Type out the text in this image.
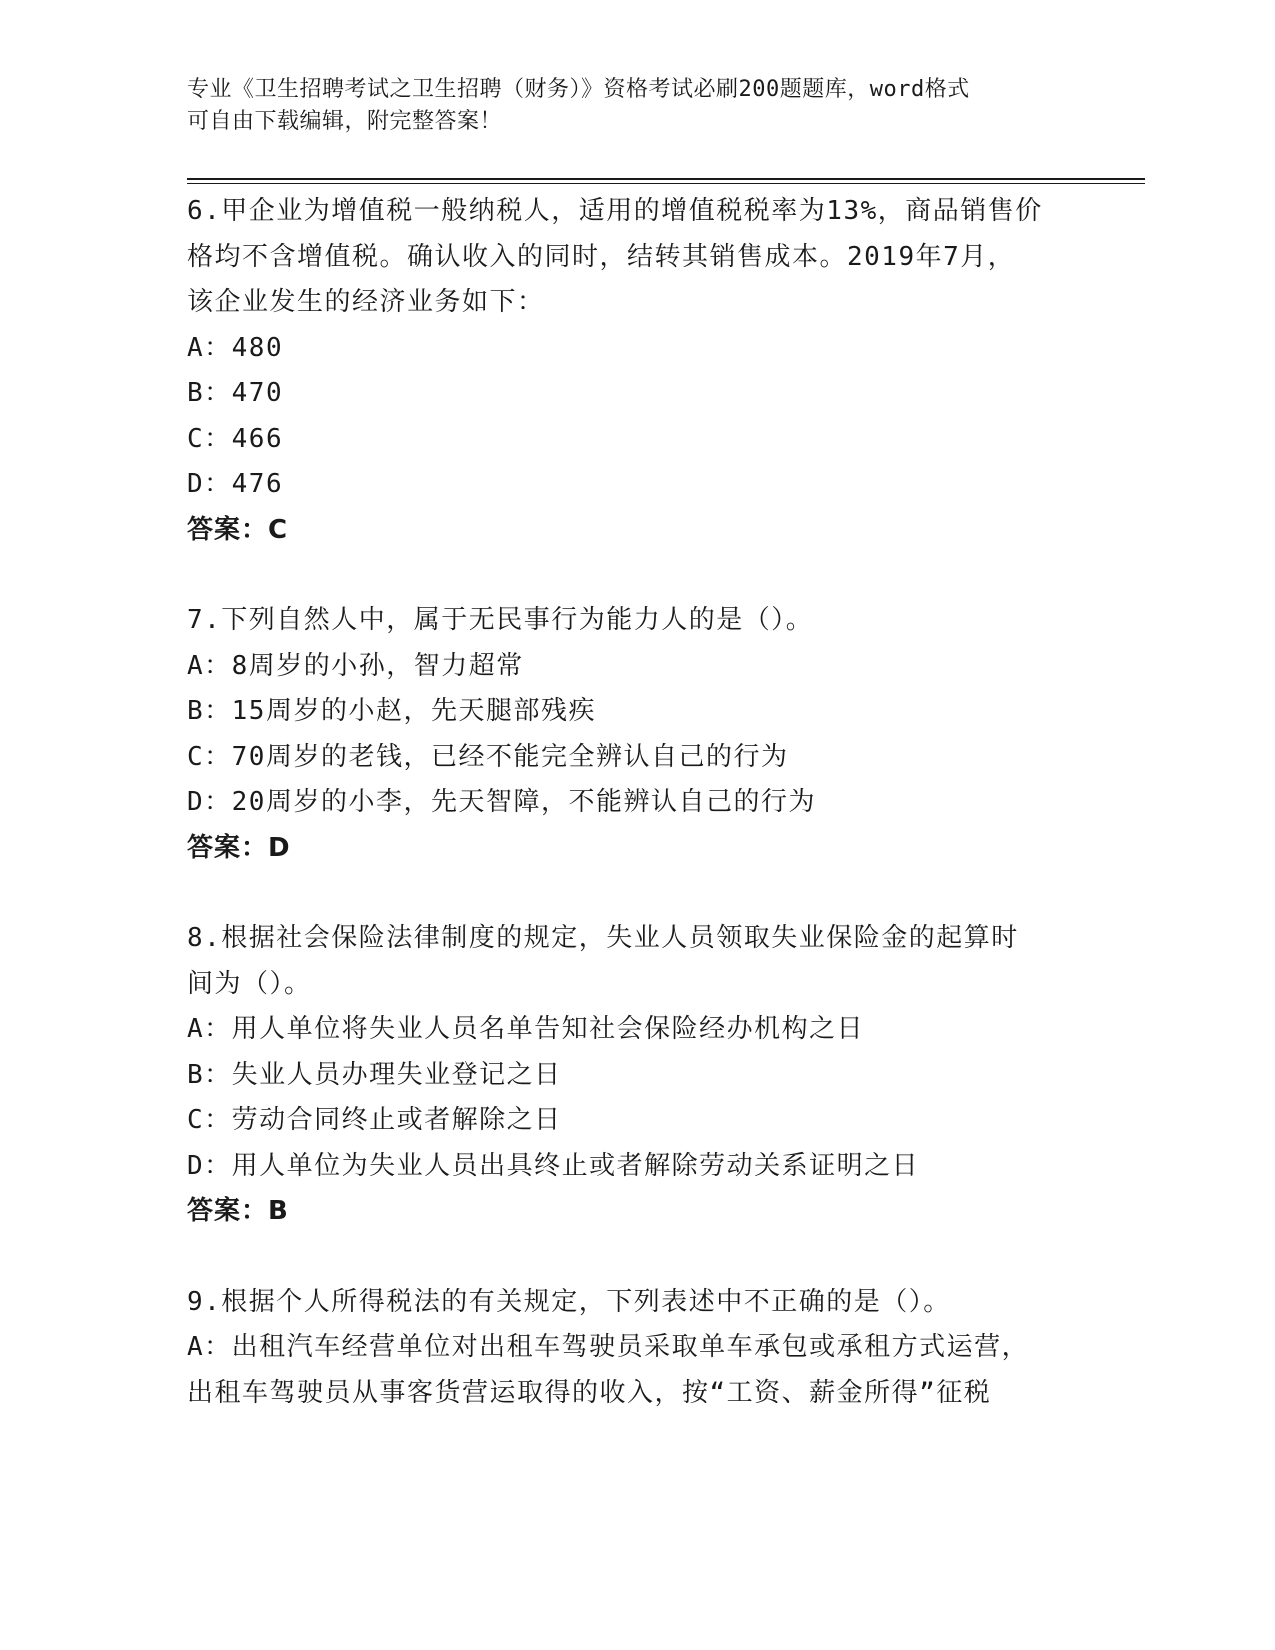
专业《卫生招聘考试之卫生招聘（财务）》资格考试必刷200题题库，word格式
可自由下载编辑，附完整答案！
6.甲企业为增值税一般纳税人，适用的增值税税率为13%，商品销售价
格均不含增值税。确认收入的同时，结转其销售成本。2019年7月，
该企业发生的经济业务如下：
A：480
B：470
C：466
D：476
答案：C
7.下列自然人中，属于无民事行为能力人的是（）。
A：8周岁的小孙，智力超常
B：15周岁的小赵，先天腿部残疾
C：70周岁的老钱，已经不能完全辨认自己的行为
D：20周岁的小李，先天智障，不能辨认自己的行为
答案：D
8.根据社会保险法律制度的规定，失业人员领取失业保险金的起算时
间为（）。
A：用人单位将失业人员名单告知社会保险经办机构之日
B：失业人员办理失业登记之日
C：劳动合同终止或者解除之日
D：用人单位为失业人员出具终止或者解除劳动关系证明之日
答案：B
9.根据个人所得税法的有关规定，下列表述中不正确的是（）。
A：出租汽车经营单位对出租车驾驶员采取单车承包或承租方式运营，
出租车驾驶员从事客货营运取得的收入，按“工资、薪金所得”征税
